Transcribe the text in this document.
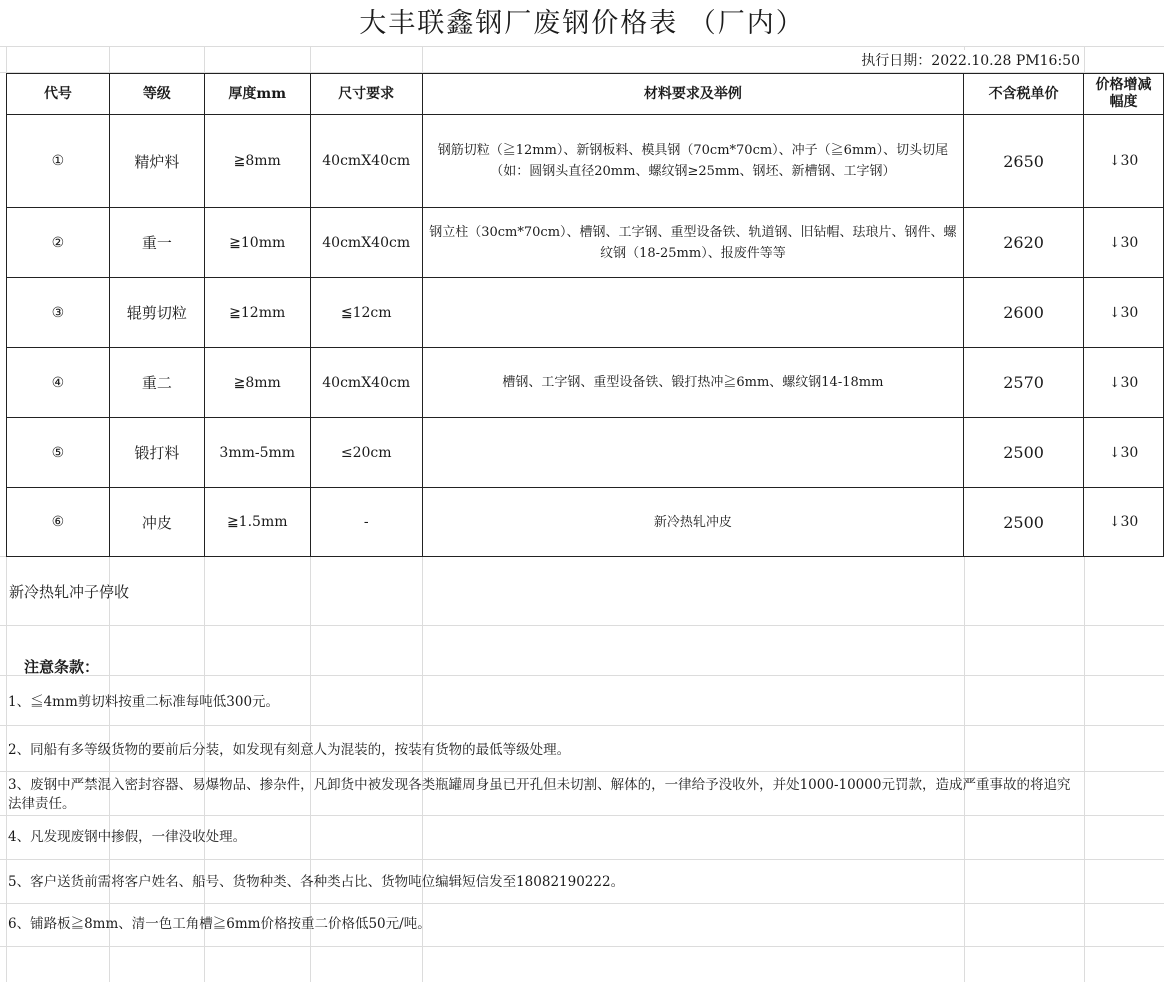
大丰联鑫钢厂废钢价格表 （厂内）
执行日期：2022.10.28 PM16:50
代号	等级	厚度mm	尺寸要求	材料要求及举例	不含税单价	价格增减
幅度
①	精炉料	≧8mm	40cmX40cm	钢筋切粒（≧12mm）、新钢板料、模具钢（70cm*70cm）、冲子（≧6mm）、切头切尾（如：圆钢头直径20mm、螺纹钢≥25mm、钢坯、新槽钢、工字钢）	2650	↓30
②	重一	≧10mm	40cmX40cm	钢立柱（30cm*70cm）、槽钢、工字钢、重型设备铁、轨道钢、旧钻帽、珐琅片、钢件、螺纹钢（18-25mm）、报废件等等	2620	↓30
③	辊剪切粒	≧12mm	≦12cm		2600	↓30
④	重二	≧8mm	40cmX40cm	槽钢、工字钢、重型设备铁、锻打热冲≧6mm、螺纹钢14-18mm	2570	↓30
⑤	锻打料	3mm-5mm	≤20cm		2500	↓30
⑥	冲皮	≧1.5mm	-	新冷热轧冲皮	2500	↓30
新冷热轧冲子停收
注意条款：
1、≦4mm剪切料按重二标准每吨低300元。
2、同船有多等级货物的要前后分装，如发现有刻意人为混装的，按装有货物的最低等级处理。
3、废钢中严禁混入密封容器、易爆物品、掺杂件，凡卸货中被发现各类瓶罐周身虽已开孔但未切割、解体的，一律给予没收外，并处1000-10000元罚款，造成严重事故的将追究法律责任。
4、凡发现废钢中掺假，一律没收处理。
5、客户送货前需将客户姓名、船号、货物种类、各种类占比、货物吨位编辑短信发至18082190222。
6、铺路板≧8mm、清一色工角槽≧6mm价格按重二价格低50元/吨。
